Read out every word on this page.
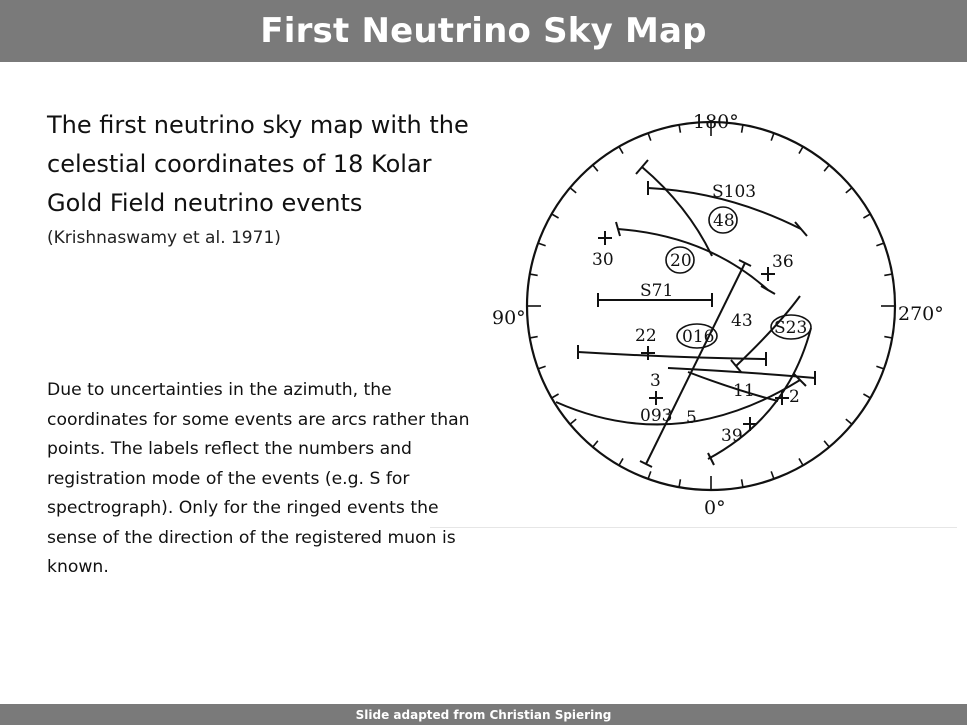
First Neutrino Sky Map
The first neutrino sky map with the celestial coordinates of 18 Kolar Gold Field neutrino events
(Krishnaswamy et al. 1971)
Due to uncertainties in the azimuth, the coordinates for some events are arcs rather than points. The labels reflect the numbers and registration mode of the events (e.g. S for spectrograph). Only for the ringed events the sense of the direction of the registered muon is known.
180°
90°	270°
0°
S103
48
30	20	36
S71
43 S23
22 016
3	11 2
093 5
39
Slide adapted from Christian Spiering
